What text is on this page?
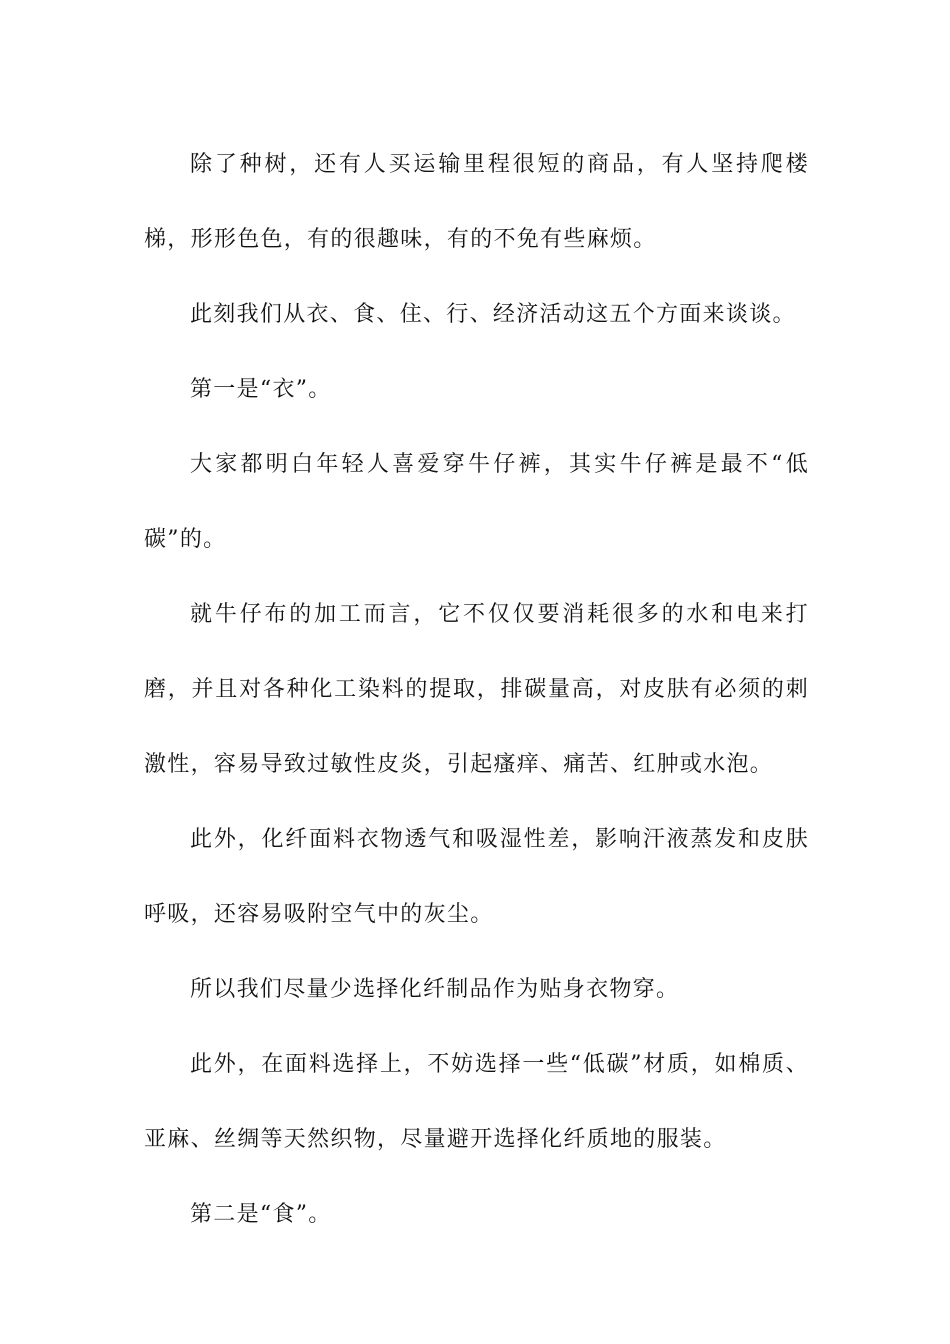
除了种树，还有人买运输里程很短的商品，有人坚持爬楼梯，形形色色，有的很趣味，有的不免有些麻烦。

此刻我们从衣、食、住、行、经济活动这五个方面来谈谈。

第一是“衣”。

大家都明白年轻人喜爱穿牛仔裤，其实牛仔裤是最不“低碳”的。

就牛仔布的加工而言，它不仅仅要消耗很多的水和电来打磨，并且对各种化工染料的提取，排碳量高，对皮肤有必须的刺激性，容易导致过敏性皮炎，引起瘙痒、痛苦、红肿或水泡。

此外，化纤面料衣物透气和吸湿性差，影响汗液蒸发和皮肤呼吸，还容易吸附空气中的灰尘。

所以我们尽量少选择化纤制品作为贴身衣物穿。

此外，在面料选择上，不妨选择一些“低碳”材质，如棉质、亚麻、丝绸等天然织物，尽量避开选择化纤质地的服装。

第二是“食”。
